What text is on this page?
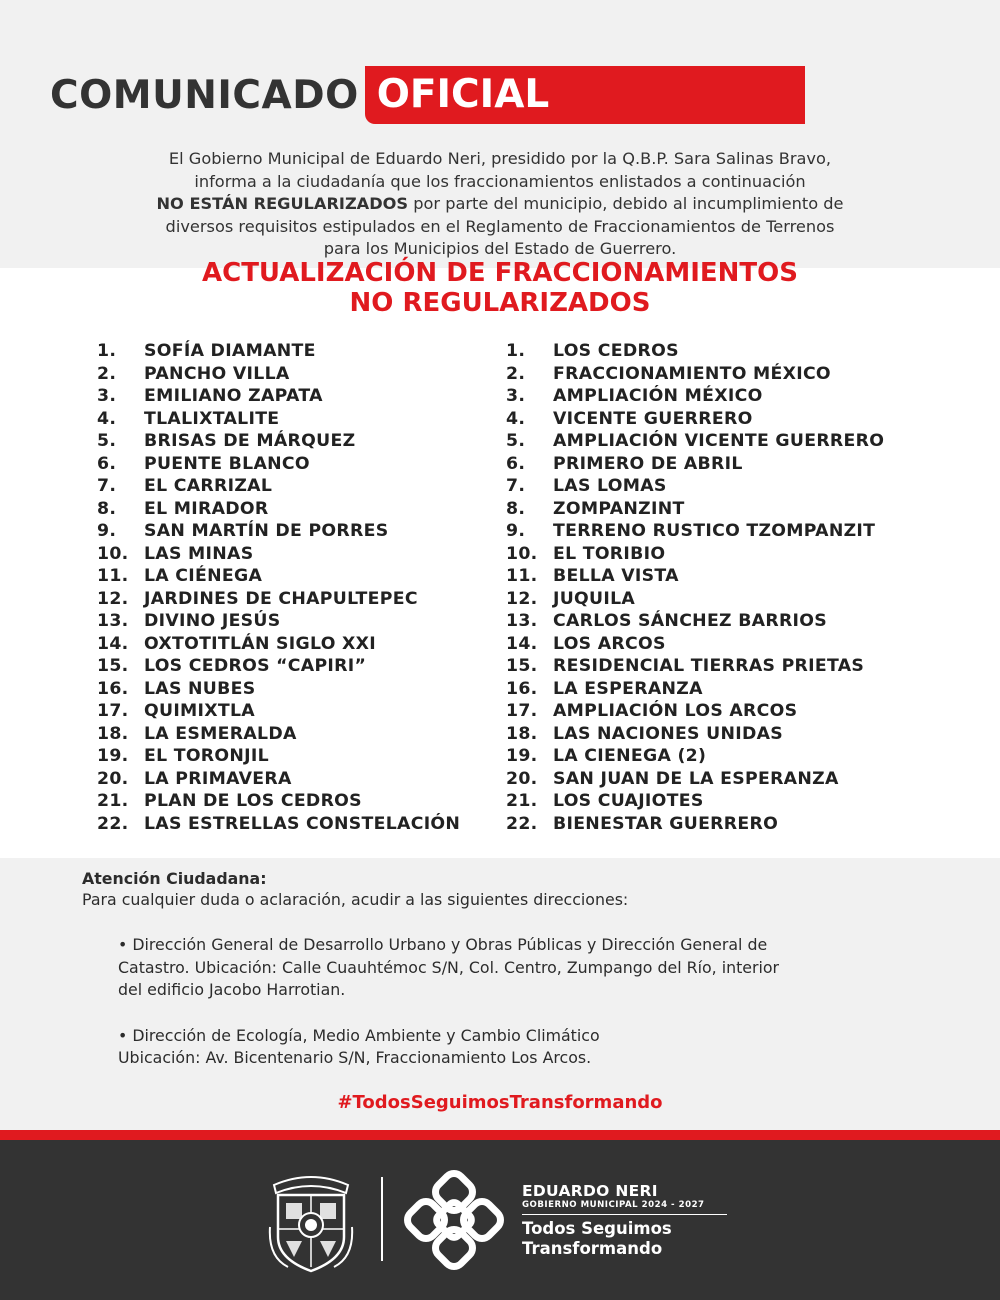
COMUNICADO OFICIAL
El Gobierno Municipal de Eduardo Neri, presidido por la Q.B.P. Sara Salinas Bravo,
informa a la ciudadanía que los fraccionamientos enlistados a continuación
NO ESTÁN REGULARIZADOS por parte del municipio, debido al incumplimiento de
diversos requisitos estipulados en el Reglamento de Fraccionamientos de Terrenos
para los Municipios del Estado de Guerrero.
ACTUALIZACIÓN DE FRACCIONAMIENTOS
NO REGULARIZADOS
1.	SOFÍA DIAMANTE
2.	PANCHO VILLA
3.	EMILIANO ZAPATA
4.	TLALIXTALITE
5.	BRISAS DE MÁRQUEZ
6.	PUENTE BLANCO
7.	EL CARRIZAL
8.	EL MIRADOR
9.	SAN MARTÍN DE PORRES
10. LAS MINAS
11. LA CIÉNEGA
12. JARDINES DE CHAPULTEPEC
13. DIVINO JESÚS
14. OXTOTITLÁN SIGLO XXI
15. LOS CEDROS “CAPIRI”
16. LAS NUBES
17. QUIMIXTLA
18. LA ESMERALDA
19. EL TORONJIL
20. LA PRIMAVERA
21. PLAN DE LOS CEDROS
22. LAS ESTRELLAS CONSTELACIÓN
1.	LOS CEDROS
2.	FRACCIONAMIENTO MÉXICO
3.	AMPLIACIÓN MÉXICO
4.	VICENTE GUERRERO
5.	AMPLIACIÓN VICENTE GUERRERO
6.	PRIMERO DE ABRIL
7.	LAS LOMAS
8.	ZOMPANZINT
9.	TERRENO RUSTICO TZOMPANZIT
10. EL TORIBIO
11. BELLA VISTA
12. JUQUILA
13. CARLOS SÁNCHEZ BARRIOS
14. LOS ARCOS
15. RESIDENCIAL TIERRAS PRIETAS
16. LA ESPERANZA
17. AMPLIACIÓN LOS ARCOS
18. LAS NACIONES UNIDAS
19. LA CIENEGA (2)
20. SAN JUAN DE LA ESPERANZA
21. LOS CUAJIOTES
22. BIENESTAR GUERRERO

Atención Ciudadana:

Para cualquier duda o aclaración, acudir a las siguientes direcciones:

• Dirección General de Desarrollo Urbano y Obras Públicas y Dirección General de

Catastro. Ubicación: Calle Cuauhtémoc S/N, Col. Centro, Zumpango del Río, interior

del edificio Jacobo Harrotian.

• Dirección de Ecología, Medio Ambiente y Cambio Climático

Ubicación: Av. Bicentenario S/N, Fraccionamiento Los Arcos.

#TodosSeguimosTransformando
EDUARDO NERI
GOBIERNO MUNICIPAL 2024 - 2027
Todos Seguimos
Transformando
